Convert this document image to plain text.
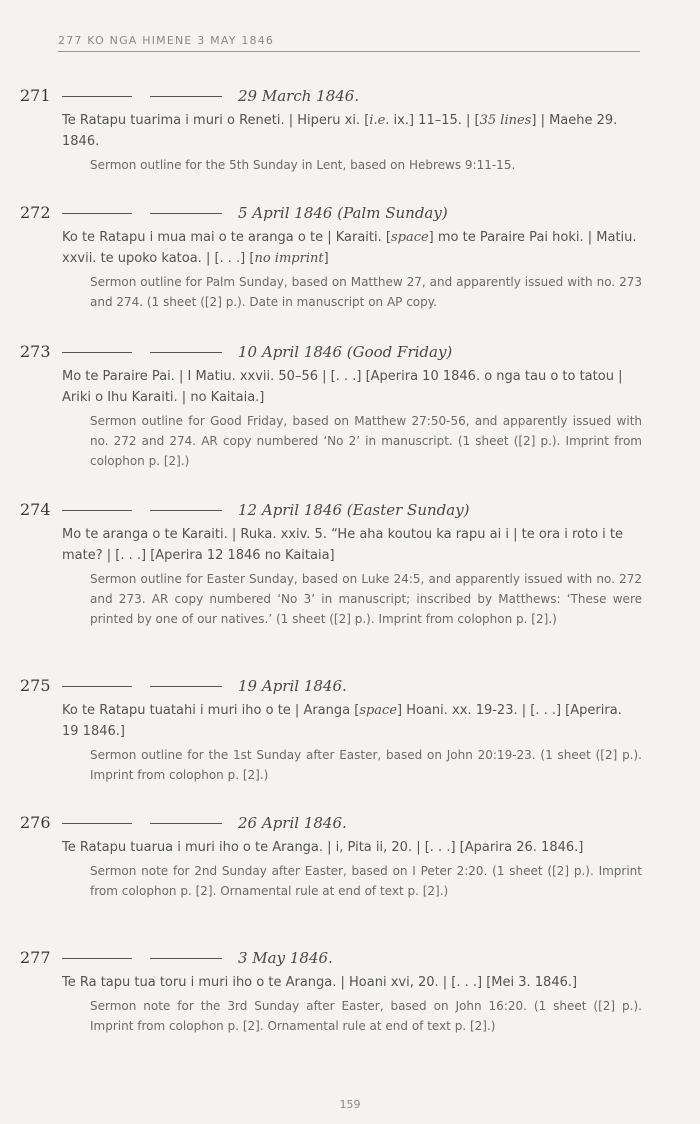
277 KO NGA HIMENE 3 MAY 1846
271	29 March 1846.
Te Ratapu tuarima i muri o Reneti. | Hiperu xi. [i.e. ix.] 11–15. | [35 lines] | Maehe 29. 1846.
Sermon outline for the 5th Sunday in Lent, based on Hebrews 9:11-15.
272	5 April 1846 (Palm Sunday)
Ko te Ratapu i mua mai o te aranga o te | Karaiti. [space] mo te Paraire Pai hoki. | Matiu. xxvii. te upoko katoa. | [. . .] [no imprint]
Sermon outline for Palm Sunday, based on Matthew 27, and apparently issued with no. 273 and 274. (1 sheet ([2] p.). Date in manuscript on AP copy.
273	10 April 1846 (Good Friday)
Mo te Paraire Pai. | I Matiu. xxvii. 50–56 | [. . .] [Aperira 10 1846. o nga tau o to tatou | Ariki o Ihu Karaiti. | no Kaitaia.]
Sermon outline for Good Friday, based on Matthew 27:50-56, and apparently issued with no. 272 and 274. AR copy numbered ‘No 2’ in manuscript. (1 sheet ([2] p.). Imprint from colophon p. [2].)
274	12 April 1846 (Easter Sunday)
Mo te aranga o te Karaiti. | Ruka. xxiv. 5. “He aha koutou ka rapu ai i | te ora i roto i te mate? | [. . .] [Aperira 12 1846 no Kaitaia]
Sermon outline for Easter Sunday, based on Luke 24:5, and apparently issued with no. 272 and 273. AR copy numbered ‘No 3’ in manuscript; inscribed by Matthews: ‘These were printed by one of our natives.’ (1 sheet ([2] p.). Imprint from colophon p. [2].)
275	19 April 1846.
Ko te Ratapu tuatahi i muri iho o te | Aranga [space] Hoani. xx. 19-23. | [. . .] [Aperira. 19 1846.]
Sermon outline for the 1st Sunday after Easter, based on John 20:19-23. (1 sheet ([2] p.). Imprint from colophon p. [2].)
276	26 April 1846.
Te Ratapu tuarua i muri iho o te Aranga. | i, Pita ii, 20. | [. . .] [Aparira 26. 1846.]
Sermon note for 2nd Sunday after Easter, based on I Peter 2:20. (1 sheet ([2] p.). Imprint from colophon p. [2]. Ornamental rule at end of text p. [2].)
277	3 May 1846.
Te Ra tapu tua toru i muri iho o te Aranga. | Hoani xvi, 20. | [. . .] [Mei 3. 1846.]
Sermon note for the 3rd Sunday after Easter, based on John 16:20. (1 sheet ([2] p.). Imprint from colophon p. [2]. Ornamental rule at end of text p. [2].)
159
